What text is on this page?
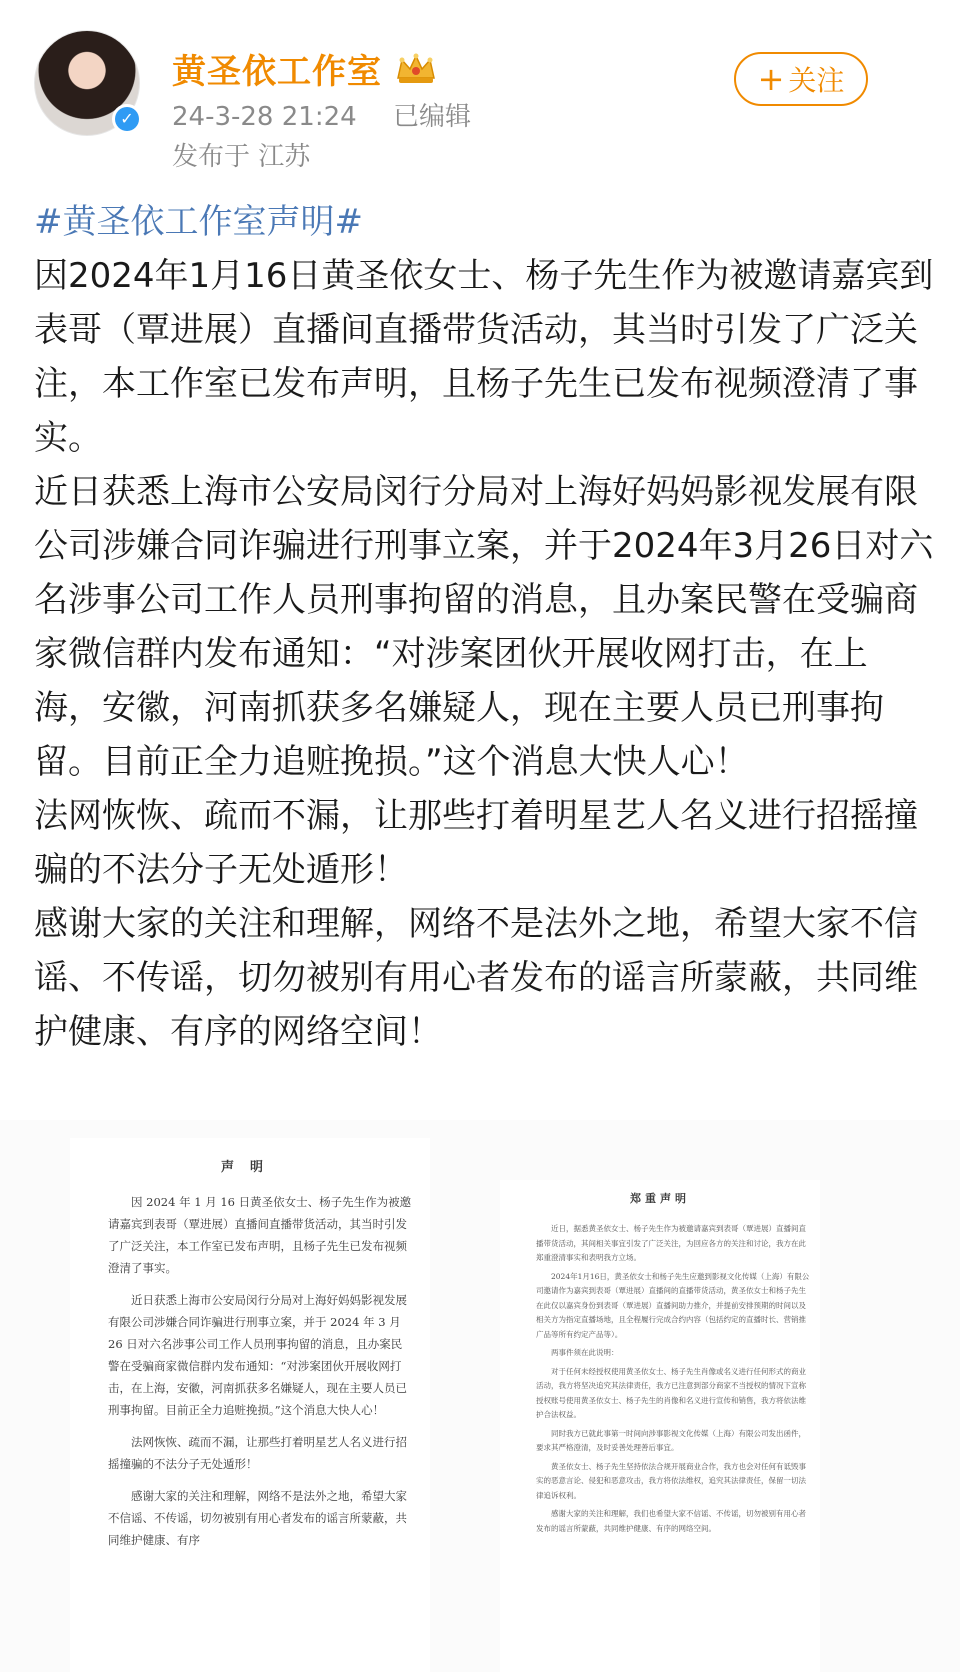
✓
黄圣依工作室
24-3-28 21:24 已编辑
发布于 江苏
+ 关注

#黄圣依工作室声明#

因2024年1月16日黄圣依女士、杨子先生作为被邀请嘉宾到表哥（覃进展）直播间直播带货活动，其当时引发了广泛关注，本工作室已发布声明，且杨子先生已发布视频澄清了事实。

近日获悉上海市公安局闵行分局对上海好妈妈影视发展有限公司涉嫌合同诈骗进行刑事立案，并于2024年3月26日对六名涉事公司工作人员刑事拘留的消息，且办案民警在受骗商家微信群内发布通知：“对涉案团伙开展收网打击，在上海，安徽，河南抓获多名嫌疑人，现在主要人员已刑事拘留。目前正全力追赃挽损。”这个消息大快人心！

法网恢恢、疏而不漏，让那些打着明星艺人名义进行招摇撞骗的不法分子无处遁形！

感谢大家的关注和理解，网络不是法外之地，希望大家不信谣、不传谣，切勿被别有用心者发布的谣言所蒙蔽，共同维护健康、有序的网络空间！

声明

因 2024 年 1 月 16 日黄圣依女士、杨子先生作为被邀请嘉宾到表哥（覃进展）直播间直播带货活动，其当时引发了广泛关注，本工作室已发布声明，且杨子先生已发布视频澄清了事实。

近日获悉上海市公安局闵行分局对上海好妈妈影视发展有限公司涉嫌合同诈骗进行刑事立案，并于 2024 年 3 月 26 日对六名涉事公司工作人员刑事拘留的消息，且办案民警在受骗商家微信群内发布通知：“对涉案团伙开展收网打击，在上海，安徽，河南抓获多名嫌疑人，现在主要人员已刑事拘留。目前正全力追赃挽损。”这个消息大快人心！

法网恢恢、疏而不漏，让那些打着明星艺人名义进行招摇撞骗的不法分子无处遁形！

感谢大家的关注和理解，网络不是法外之地，希望大家不信谣、不传谣，切勿被别有用心者发布的谣言所蒙蔽，共同维护健康、有序

郑重声明

近日，据悉黄圣依女士、杨子先生作为被邀请嘉宾到表哥（覃进展）直播间直播带货活动，其间相关事宜引发了广泛关注，为回应各方的关注和讨论，我方在此郑重澄清事实和表明我方立场。

2024年1月16日，黄圣依女士和杨子先生应邀到影视文化传媒（上海）有限公司邀请作为嘉宾到表哥（覃进展）直播间的直播带货活动，黄圣依女士和杨子先生在此仅以嘉宾身份到表哥（覃进展）直播间助力推介，并提前安排预期的时间以及相关方为指定直播场地，且全程履行完成合约内容（包括约定的直播时长、营销推广品等所有约定产品等）。

两事件须在此说明：

对于任何未经授权使用黄圣依女士、杨子先生肖像或名义进行任何形式的商业活动，我方将坚决追究其法律责任，我方已注意到部分商家不当授权的情况下宣称授权账号使用黄圣依女士、杨子先生的肖像和名义进行宣传和销售，我方将依法维护合法权益。

同时我方已就此事第一时间向涉事影视文化传媒（上海）有限公司发出函件，要求其严格澄清，及时妥善处理善后事宜。

黄圣依女士、杨子先生坚持依法合规开展商业合作，我方也会对任何有诋毁事实的恶意言论、侵犯和恶意攻击，我方将依法维权，追究其法律责任，保留一切法律追诉权利。

感谢大家的关注和理解，我们也希望大家不信谣、不传谣，切勿被别有用心者发布的谣言所蒙蔽，共同维护健康、有序的网络空间。
